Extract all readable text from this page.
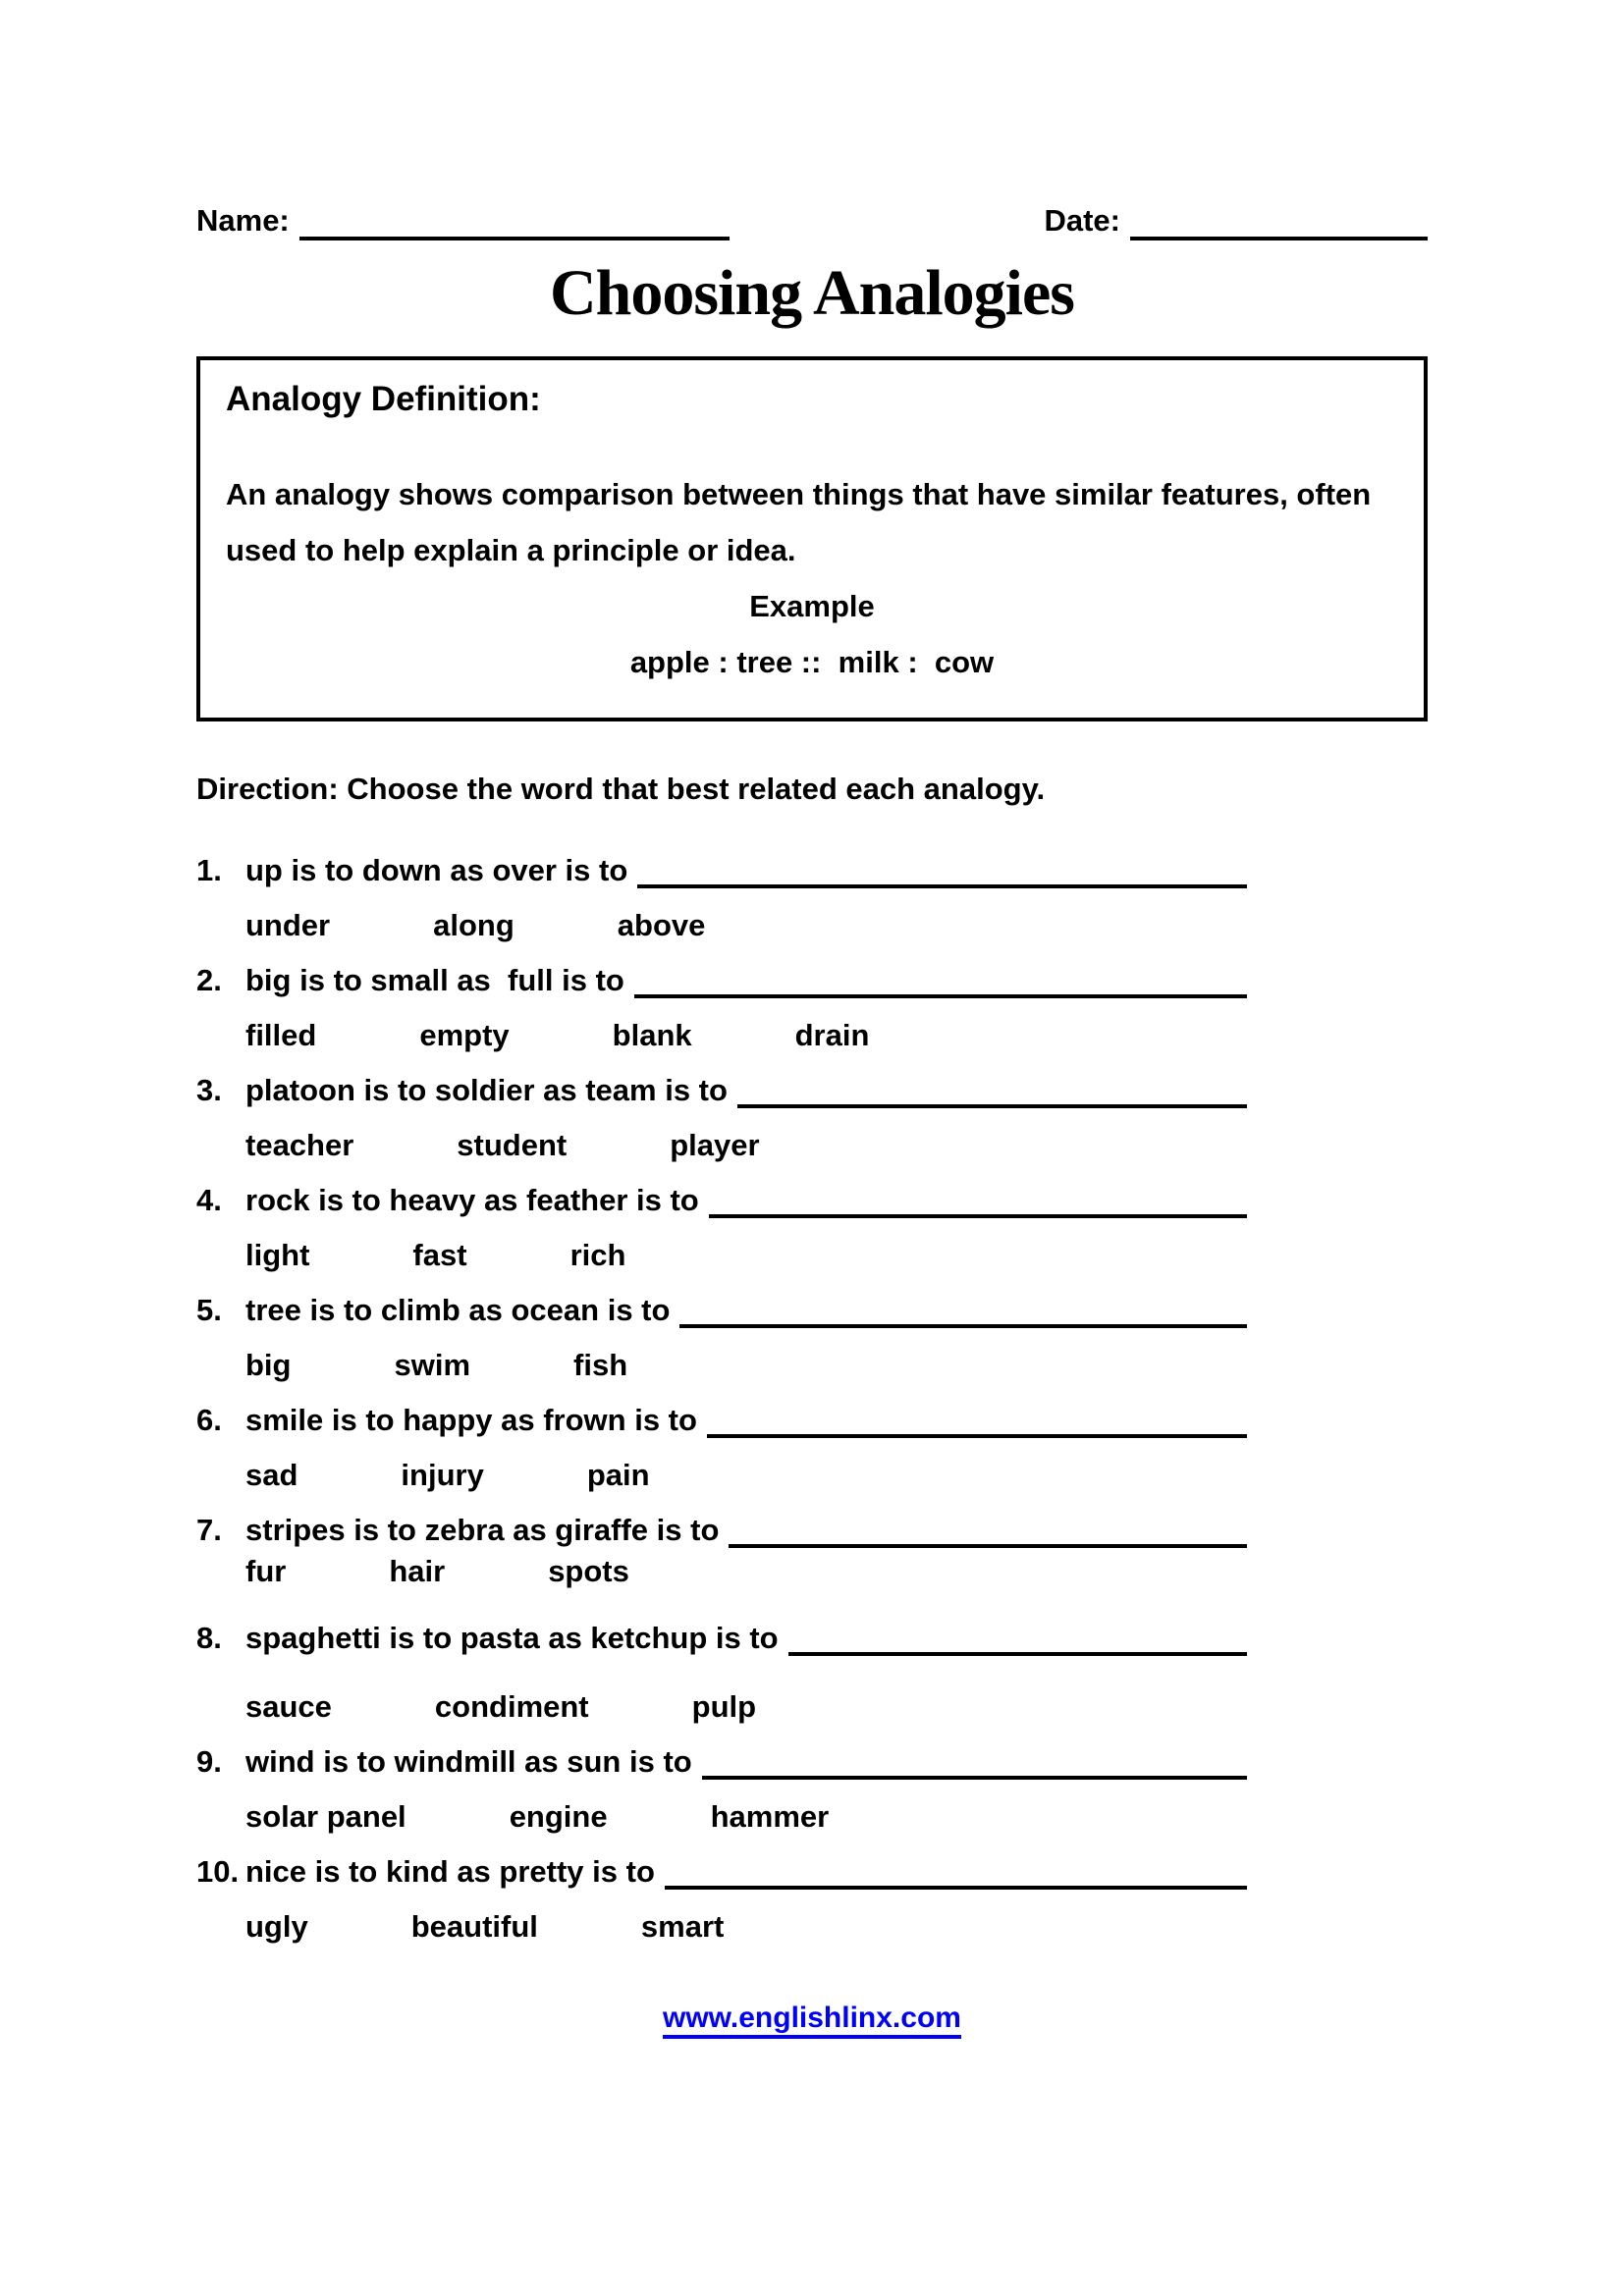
Name:	Date:
Choosing Analogies

Analogy Definition:

An analogy shows comparison between things that have similar features, often used to help explain a principle or idea.

Example
apple : tree ::  milk :  cow
Direction: Choose the word that best related each analogy.
1. up is to down as over is to
under	along	above
2. big is to small as  full is to
filled	empty	blank	drain
3. platoon is to soldier as team is to
teacher	student	player
4. rock is to heavy as feather is to
light	fast	rich
5. tree is to climb as ocean is to
big	swim	fish
6. smile is to happy as frown is to
sad	injury	pain
7. stripes is to zebra as giraffe is to
fur	hair	spots
8. spaghetti is to pasta as ketchup is to
sauce	condiment	pulp
9. wind is to windmill as sun is to
solar panel	engine	hammer
10. nice is to kind as pretty is to
ugly	beautiful	smart
www.englishlinx.com
